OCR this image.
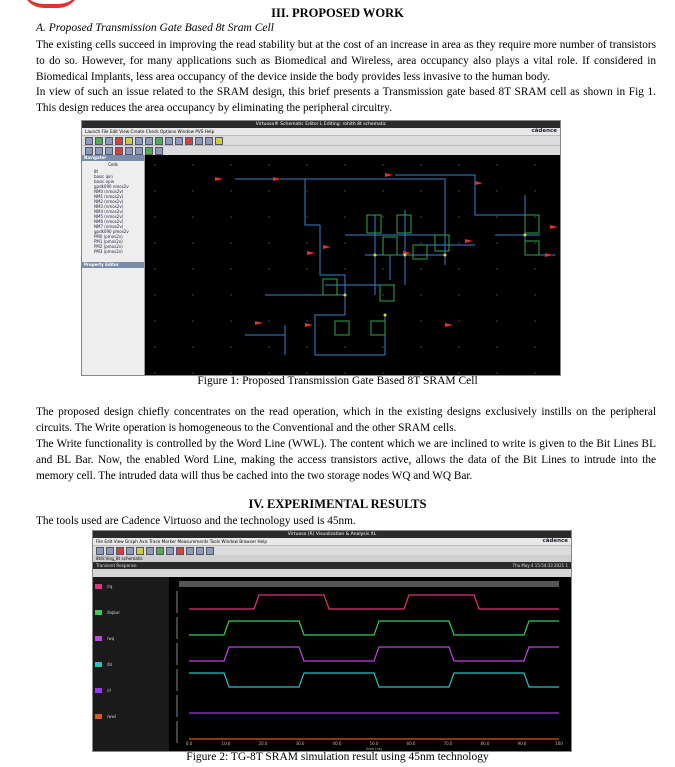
III. PROPOSED WORK
A. Proposed Transmission Gate Based 8t Sram Cell
The existing cells succeed in improving the read stability but at the cost of an increase in area as they require more number of transistors to do so. However, for many applications such as Biomedical and Wireless, area occupancy also plays a vital role. If considered in Biomedical Implants, less area occupancy of the device inside the body provides less invasive to the human body.
In view of such an issue related to the SRAM design, this brief presents a Transmission gate based 8T SRAM cell as shown in Fig 1. This design reduces the area occupancy by eliminating the peripheral circuitry.
Virtuoso® Schematic Editor L Editing: rohith 8t schematic
Launch File Edit View Create Check Options Window PVS Help	cādence
Navigator
Cells
8t
basic ipin
basic opin
gpdk090 nmos2v
NM0 (nmos2v)
NM1 (nmos2v)
NM2 (nmos2v)
NM3 (nmos2v)
NM4 (nmos2v)
NM5 (nmos2v)
NM6 (nmos2v)
NM7 (nmos2v)
gpdk090 pmos2v
PM0 (pmos2v)
PM1 (pmos2v)
PM2 (pmos2v)
PM3 (pmos2v)
Property Editor
Figure 1: Proposed Transmission Gate Based 8T SRAM Cell
The proposed design chiefly concentrates on the read operation, which in the existing designs exclusively instills on the peripheral circuits. The Write operation is homogeneous to the Conventional and the other SRAM cells.
The Write functionality is controlled by the Word Line (WWL). The content which we are inclined to write is given to the Bit Lines BL and BL Bar. Now, the enabled Word Line, making the access transistors active, allows the data of the Bit Lines to intrude into the memory cell. The intruded data will thus be cached into the two storage nodes WQ and WQ Bar.
IV. EXPERIMENTAL RESULTS
The tools used are Cadence Virtuoso and the technology used is 45nm.
Virtuoso (R) Visualization & Analysis XL
File Edit View Graph Axis Trace Marker Measurements Tools Window Browser Help	cādence
8t4i:Virg_8t schematic
Transient Response	Thu May 4 15:54:33 2021 1
/rq
/bqbar
/wq
/bl
/rl
/wwl
0.0	10.0	20.0	30.0	40.0	50.0	60.0	70.0	80.0	90.0	100
time (ns)
Figure 2: TG-8T SRAM simulation result using 45nm technology
